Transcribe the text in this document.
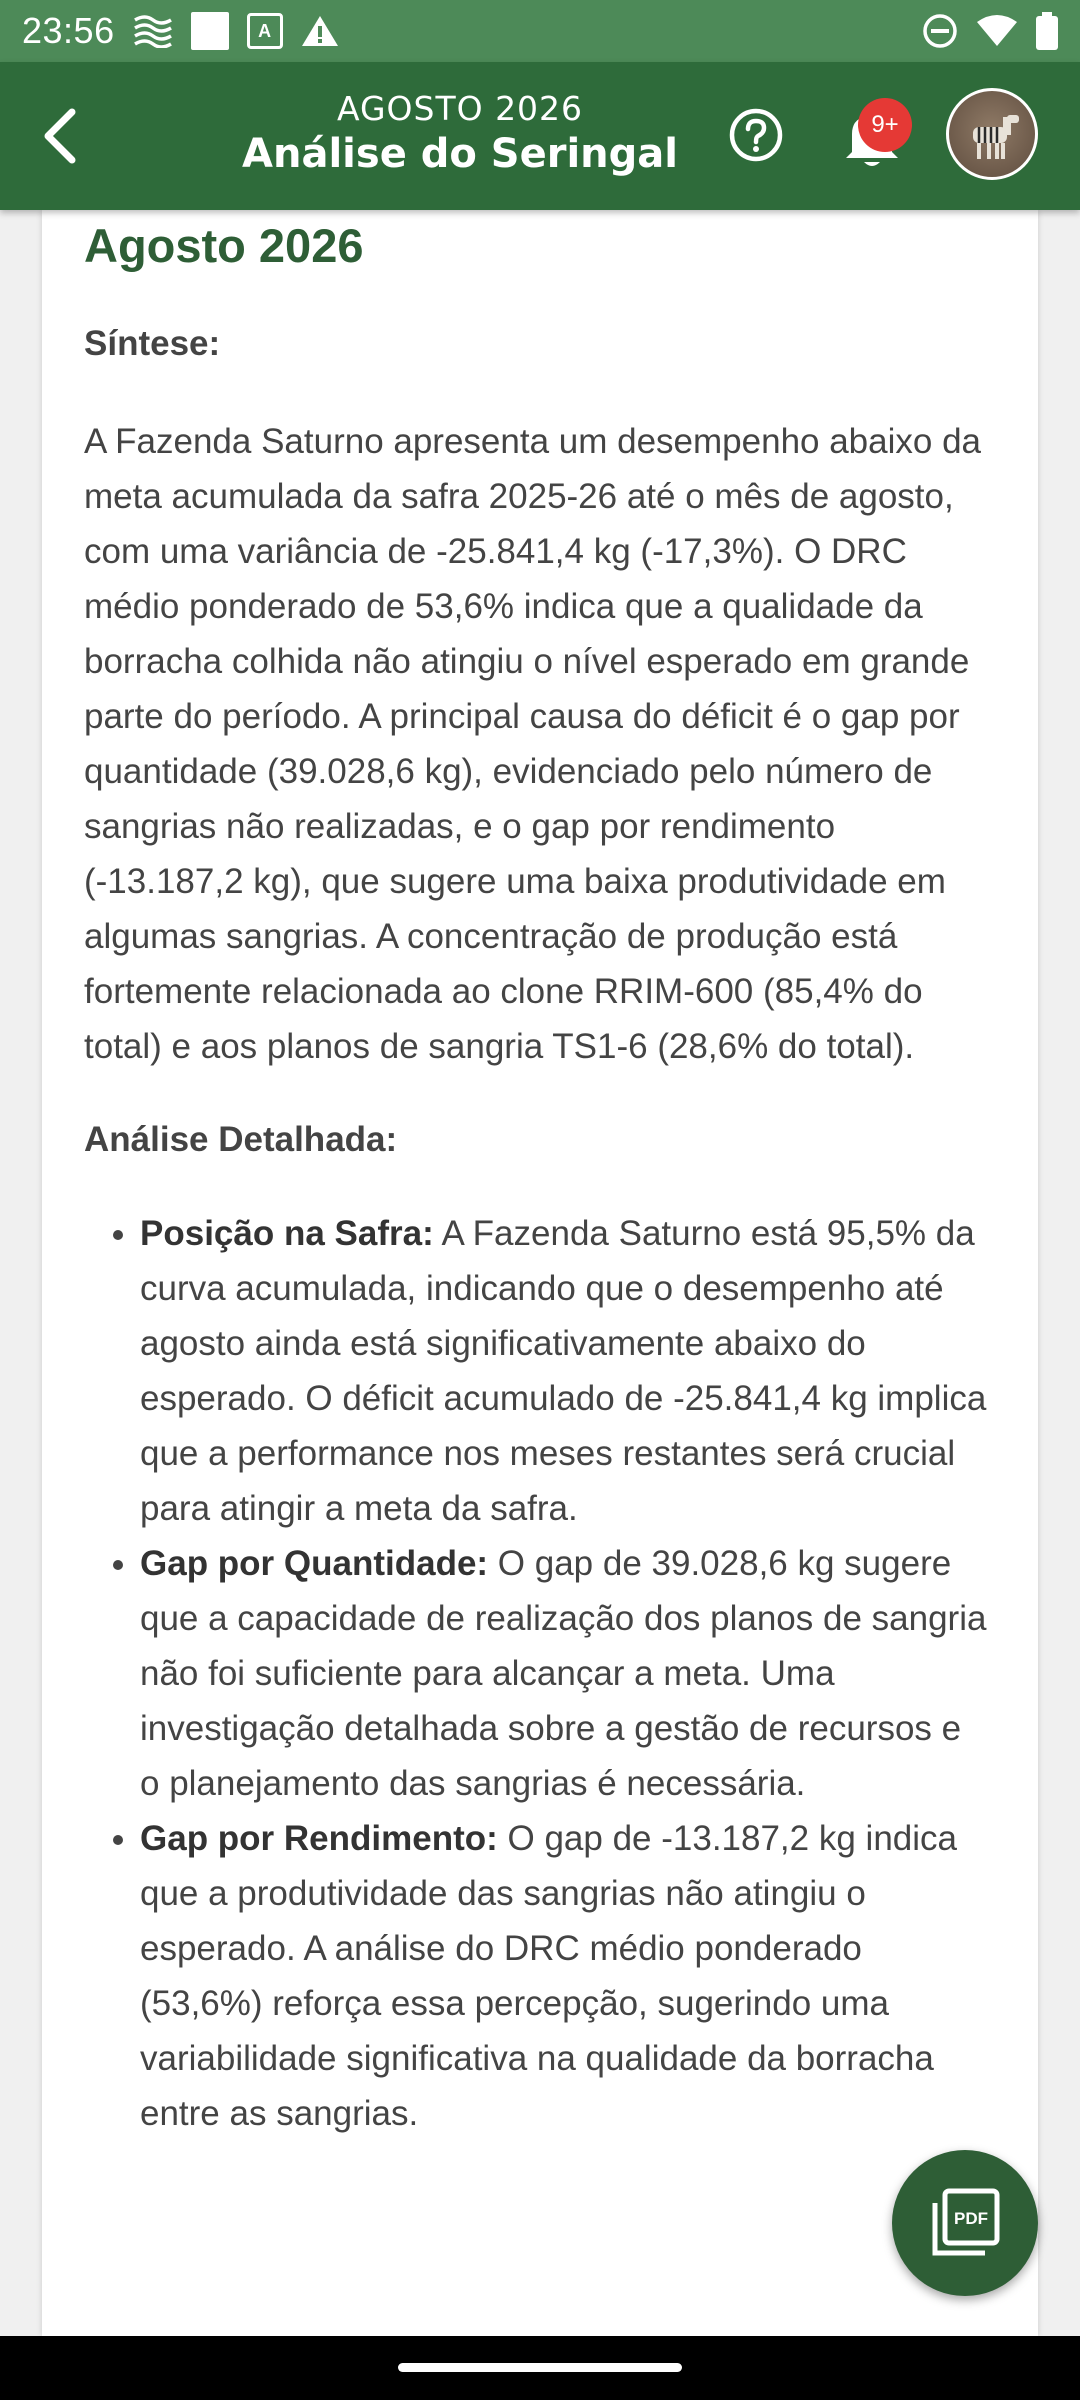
23:56	A
AGOSTO 2026
Análise do Seringal
9+
Agosto 2026
Síntese:
A Fazenda Saturno apresenta um desempenho abaixo da meta acumulada da safra 2025-26 até o mês de agosto, com uma variância de -25.841,4 kg (-17,3%). O DRC médio ponderado de 53,6% indica que a qualidade da borracha colhida não atingiu o nível esperado em grande parte do período. A principal causa do déficit é o gap por quantidade (39.028,6 kg), evidenciado pelo número de sangrias não realizadas, e o gap por rendimento (-13.187,2 kg), que sugere uma baixa produtividade em algumas sangrias. A concentração de produção está fortemente relacionada ao clone RRIM-600 (85,4% do total) e aos planos de sangria TS1-6 (28,6% do total).
Análise Detalhada:
• Posição na Safra: A Fazenda Saturno está 95,5% da curva acumulada, indicando que o desempenho até agosto ainda está significativamente abaixo do esperado. O déficit acumulado de -25.841,4 kg implica que a performance nos meses restantes será crucial para atingir a meta da safra.
• Gap por Quantidade: O gap de 39.028,6 kg sugere que a capacidade de realização dos planos de sangria não foi suficiente para alcançar a meta. Uma investigação detalhada sobre a gestão de recursos e o planejamento das sangrias é necessária.
• Gap por Rendimento: O gap de -13.187,2 kg indica que a produtividade das sangrias não atingiu o esperado. A análise do DRC médio ponderado (53,6%) reforça essa percepção, sugerindo uma variabilidade significativa na qualidade da borracha entre as sangrias.
PDF
